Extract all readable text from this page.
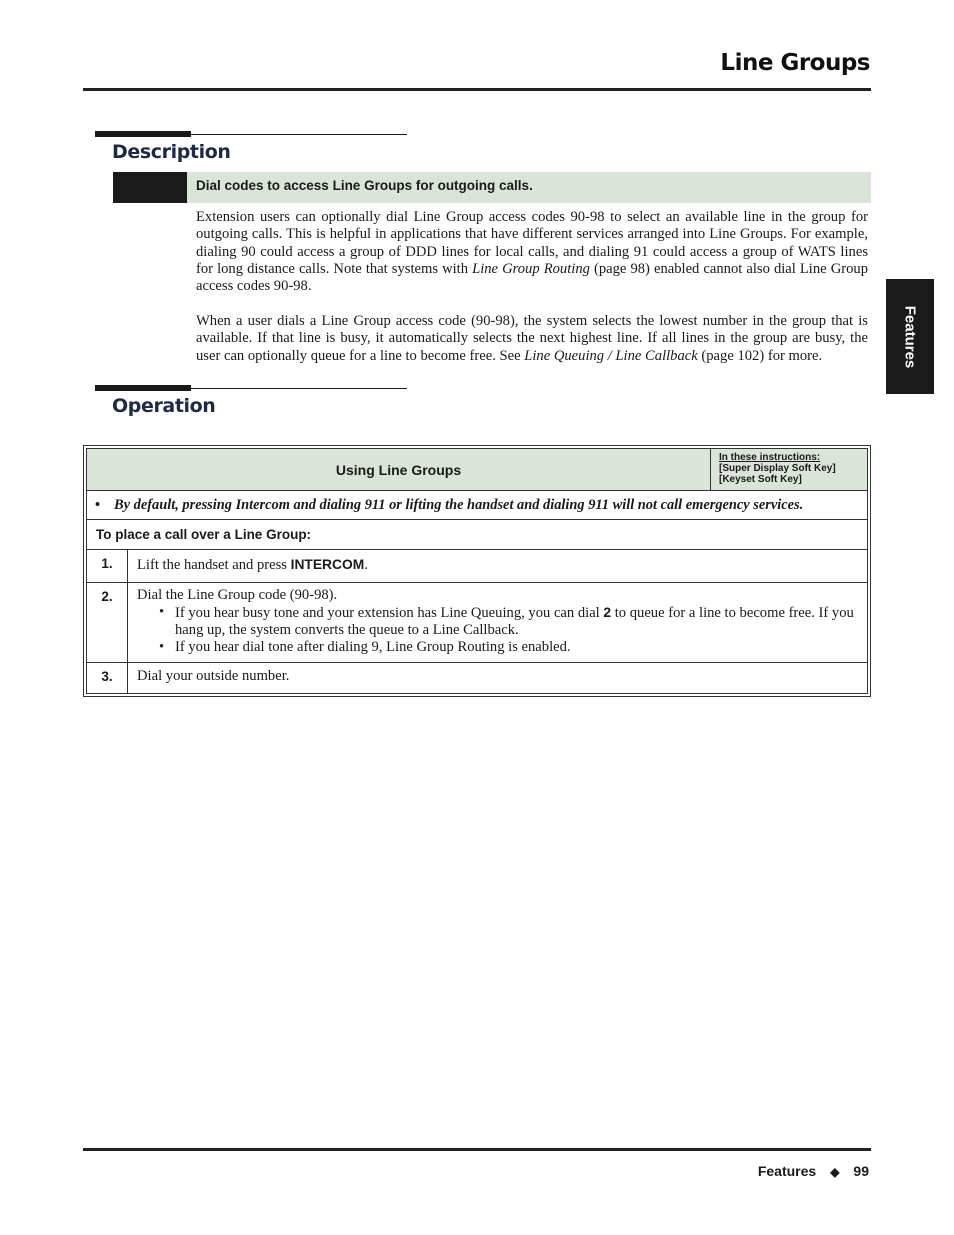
Line Groups
Description
Dial codes to access Line Groups for outgoing calls.
Extension users can optionally dial Line Group access codes 90-98 to select an available line in the group for outgoing calls. This is helpful in applications that have different services arranged into Line Groups. For example, dialing 90 could access a group of DDD lines for local calls, and dialing 91 could access a group of WATS lines for long distance calls. Note that systems with Line Group Routing (page 98) enabled cannot also dial Line Group access codes 90-98.
When a user dials a Line Group access code (90-98), the system selects the lowest number in the group that is available. If that line is busy, it automatically selects the next highest line. If all lines in the group are busy, the user can optionally queue for a line to become free. See Line Queuing / Line Callback (page 102) for more.	Features
Operation
Using Line Groups
In these instructions:
[Super Display Soft Key]
[Keyset Soft Key]
• By default, pressing Intercom and dialing 911 or lifting the handset and dialing 911 will not call emergency services.
To place a call over a Line Group:
1.	Lift the handset and press INTERCOM.
2.	Dial the Line Group code (90-98).
• If you hear busy tone and your extension has Line Queuing, you can dial 2 to queue for a line to become free. If you hang up, the system converts the queue to a Line Callback.
• If you hear dial tone after dialing 9, Line Group Routing is enabled.
3.	Dial your outside number.
Features ◆ 99
